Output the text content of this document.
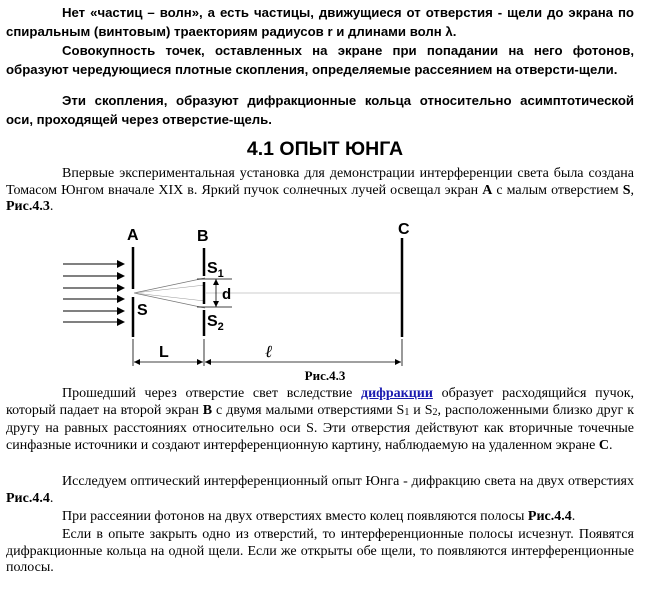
Нет «частиц – волн», а есть частицы, движущиеся от отверстия - щели до экрана по спиральным (винтовым) траекториям радиусов r и длинами волн λ.
Совокупность точек, оставленных на экране при попадании на него фотонов, образуют чередующиеся плотные скопления, определяемые рассеянием на отверсти-щели.
Эти скопления, образуют дифракционные кольца относительно асимптотической оси, проходящей через отверстие-щель.
4.1 ОПЫТ ЮНГА
Впервые экспериментальная установка для демонстрации интерференции света была создана Томасом Юнгом вначале XIX в. Яркий пучок солнечных лучей освещал экран А с малым отверстием S, Рис.4.3.
A	B	C
S
$S_1$
$S_2$
d
L	ℓ
Рис.4.3
Прошедший через отверстие свет вследствие дифракции образует расходящийся пучок, который падает на второй экран В с двумя малыми отверстиями $S_1$ и $S_2$, расположенными близко друг к другу на равных расстояниях относительно оси S. Эти отверстия действуют как вторичные точечные синфазные источники и создают интерференционную картину, наблюдаемую на удаленном экране С.
Исследуем оптический интерференционный опыт Юнга - дифракцию света на двух отверстиях Рис.4.4.
При рассеянии фотонов на двух отверстиях вместо колец появляются полосы Рис.4.4.
Если в опыте закрыть одно из отверстий, то интерференционные полосы исчезнут. Появятся дифракционные кольца на одной щели. Если же открыты обе щели, то появляются интерференционные полосы.
